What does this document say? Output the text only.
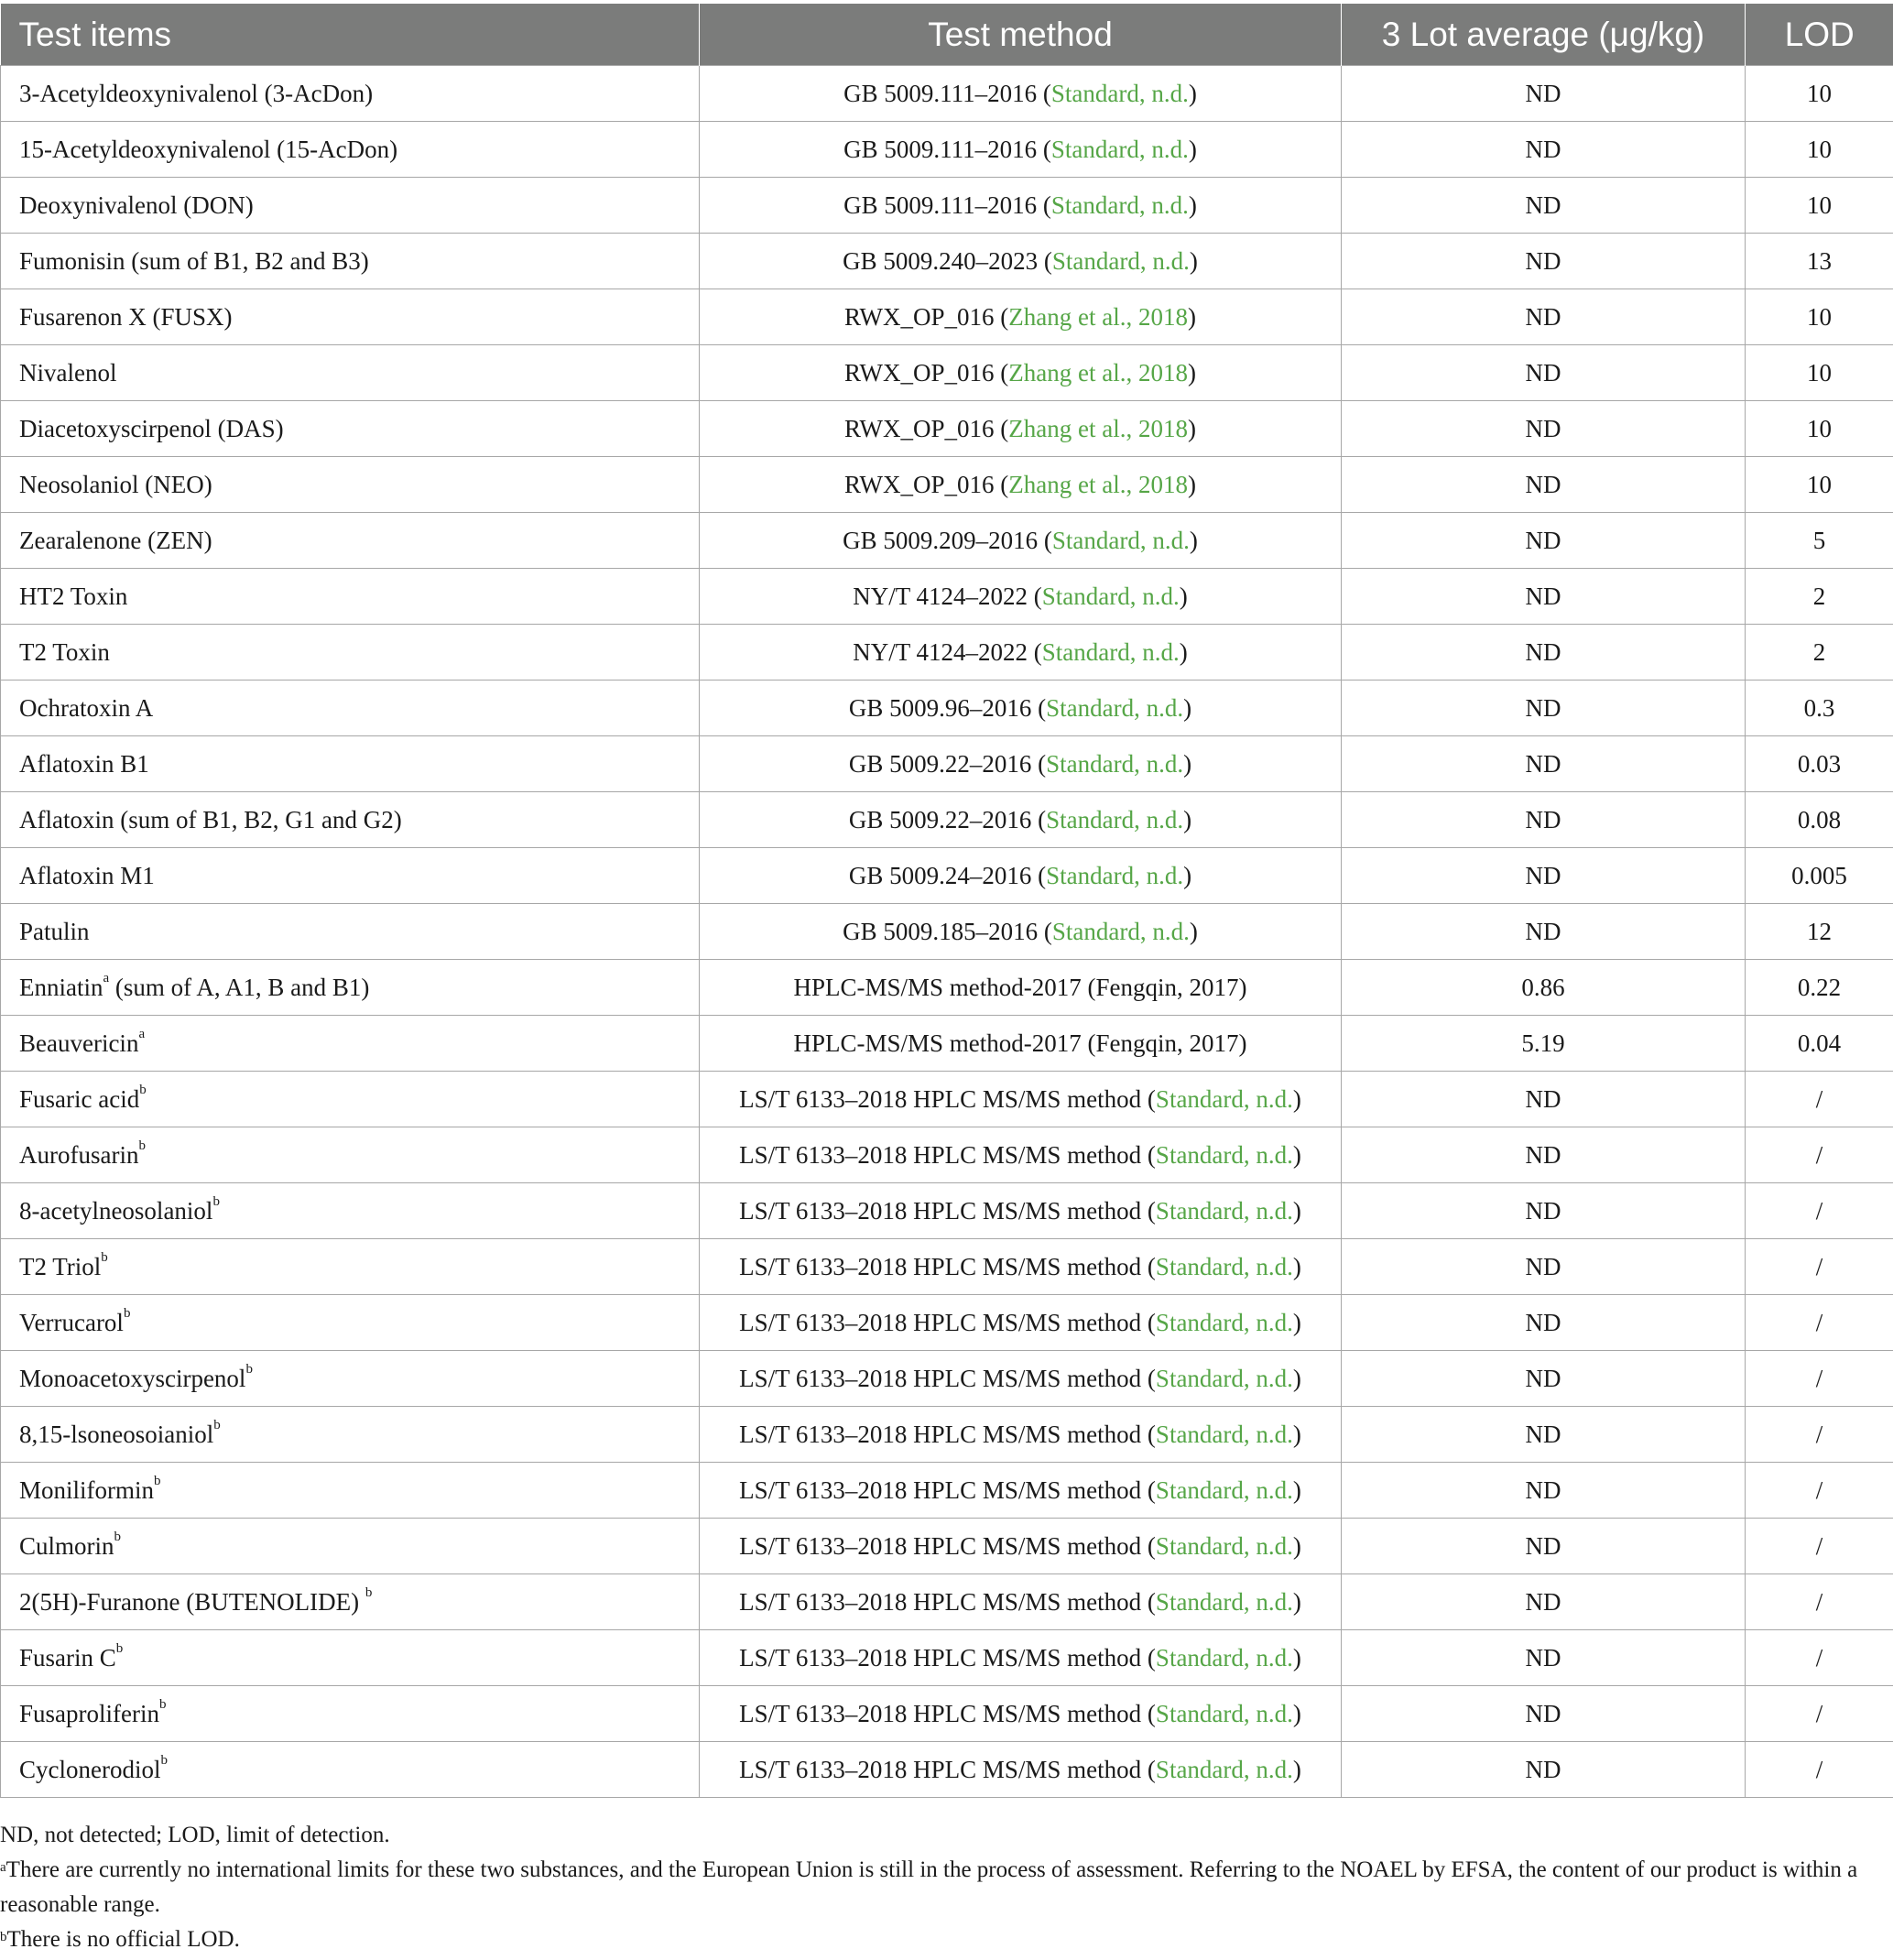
Test items	Test method	3 Lot average (μg/kg)	LOD
3-Acetyldeoxynivalenol (3-AcDon)	GB 5009.111–2016 (Standard, n.d.)	ND	10
15-Acetyldeoxynivalenol (15-AcDon)	GB 5009.111–2016 (Standard, n.d.)	ND	10
Deoxynivalenol (DON)	GB 5009.111–2016 (Standard, n.d.)	ND	10
Fumonisin (sum of B1, B2 and B3)	GB 5009.240–2023 (Standard, n.d.)	ND	13
Fusarenon X (FUSX)	RWX_OP_016 (Zhang et al., 2018)	ND	10
Nivalenol	RWX_OP_016 (Zhang et al., 2018)	ND	10
Diacetoxyscirpenol (DAS)	RWX_OP_016 (Zhang et al., 2018)	ND	10
Neosolaniol (NEO)	RWX_OP_016 (Zhang et al., 2018)	ND	10
Zearalenone (ZEN)	GB 5009.209–2016 (Standard, n.d.)	ND	5
HT2 Toxin	NY/T 4124–2022 (Standard, n.d.)	ND	2
T2 Toxin	NY/T 4124–2022 (Standard, n.d.)	ND	2
Ochratoxin A	GB 5009.96–2016 (Standard, n.d.)	ND	0.3
Aflatoxin B1	GB 5009.22–2016 (Standard, n.d.)	ND	0.03
Aflatoxin (sum of B1, B2, G1 and G2)	GB 5009.22–2016 (Standard, n.d.)	ND	0.08
Aflatoxin M1	GB 5009.24–2016 (Standard, n.d.)	ND	0.005
Patulin	GB 5009.185–2016 (Standard, n.d.)	ND	12
Enniatin$^a$ (sum of A, A1, B and B1)	HPLC-MS/MS method-2017 (Fengqin, 2017)	0.86	0.22
Beauvericin$^a$	HPLC-MS/MS method-2017 (Fengqin, 2017)	5.19	0.04
Fusaric acid$^b$	LS/T 6133–2018 HPLC MS/MS method (Standard, n.d.)	ND	/
Aurofusarin$^b$	LS/T 6133–2018 HPLC MS/MS method (Standard, n.d.)	ND	/
8-acetylneosolaniol$^b$	LS/T 6133–2018 HPLC MS/MS method (Standard, n.d.)	ND	/
T2 Triol$^b$	LS/T 6133–2018 HPLC MS/MS method (Standard, n.d.)	ND	/
Verrucarol$^b$	LS/T 6133–2018 HPLC MS/MS method (Standard, n.d.)	ND	/
Monoacetoxyscirpenol$^b$	LS/T 6133–2018 HPLC MS/MS method (Standard, n.d.)	ND	/
8,15-lsoneosoianiol$^b$	LS/T 6133–2018 HPLC MS/MS method (Standard, n.d.)	ND	/
Moniliformin$^b$	LS/T 6133–2018 HPLC MS/MS method (Standard, n.d.)	ND	/
Culmorin$^b$	LS/T 6133–2018 HPLC MS/MS method (Standard, n.d.)	ND	/
2(5H)-Furanone (BUTENOLIDE) $^b$	LS/T 6133–2018 HPLC MS/MS method (Standard, n.d.)	ND	/
Fusarin $C^b$	LS/T 6133–2018 HPLC MS/MS method (Standard, n.d.)	ND	/
Fusaproliferin$^b$	LS/T 6133–2018 HPLC MS/MS method (Standard, n.d.)	ND	/
Cyclonerodiol$^b$	LS/T 6133–2018 HPLC MS/MS method (Standard, n.d.)	ND	/
ND, not detected; LOD, limit of detection.
$^a$There are currently no international limits for these two substances, and the European Union is still in the process of assessment. Referring to the NOAEL by EFSA, the content of our product is within a reasonable range.
$^b$There is no official LOD.
